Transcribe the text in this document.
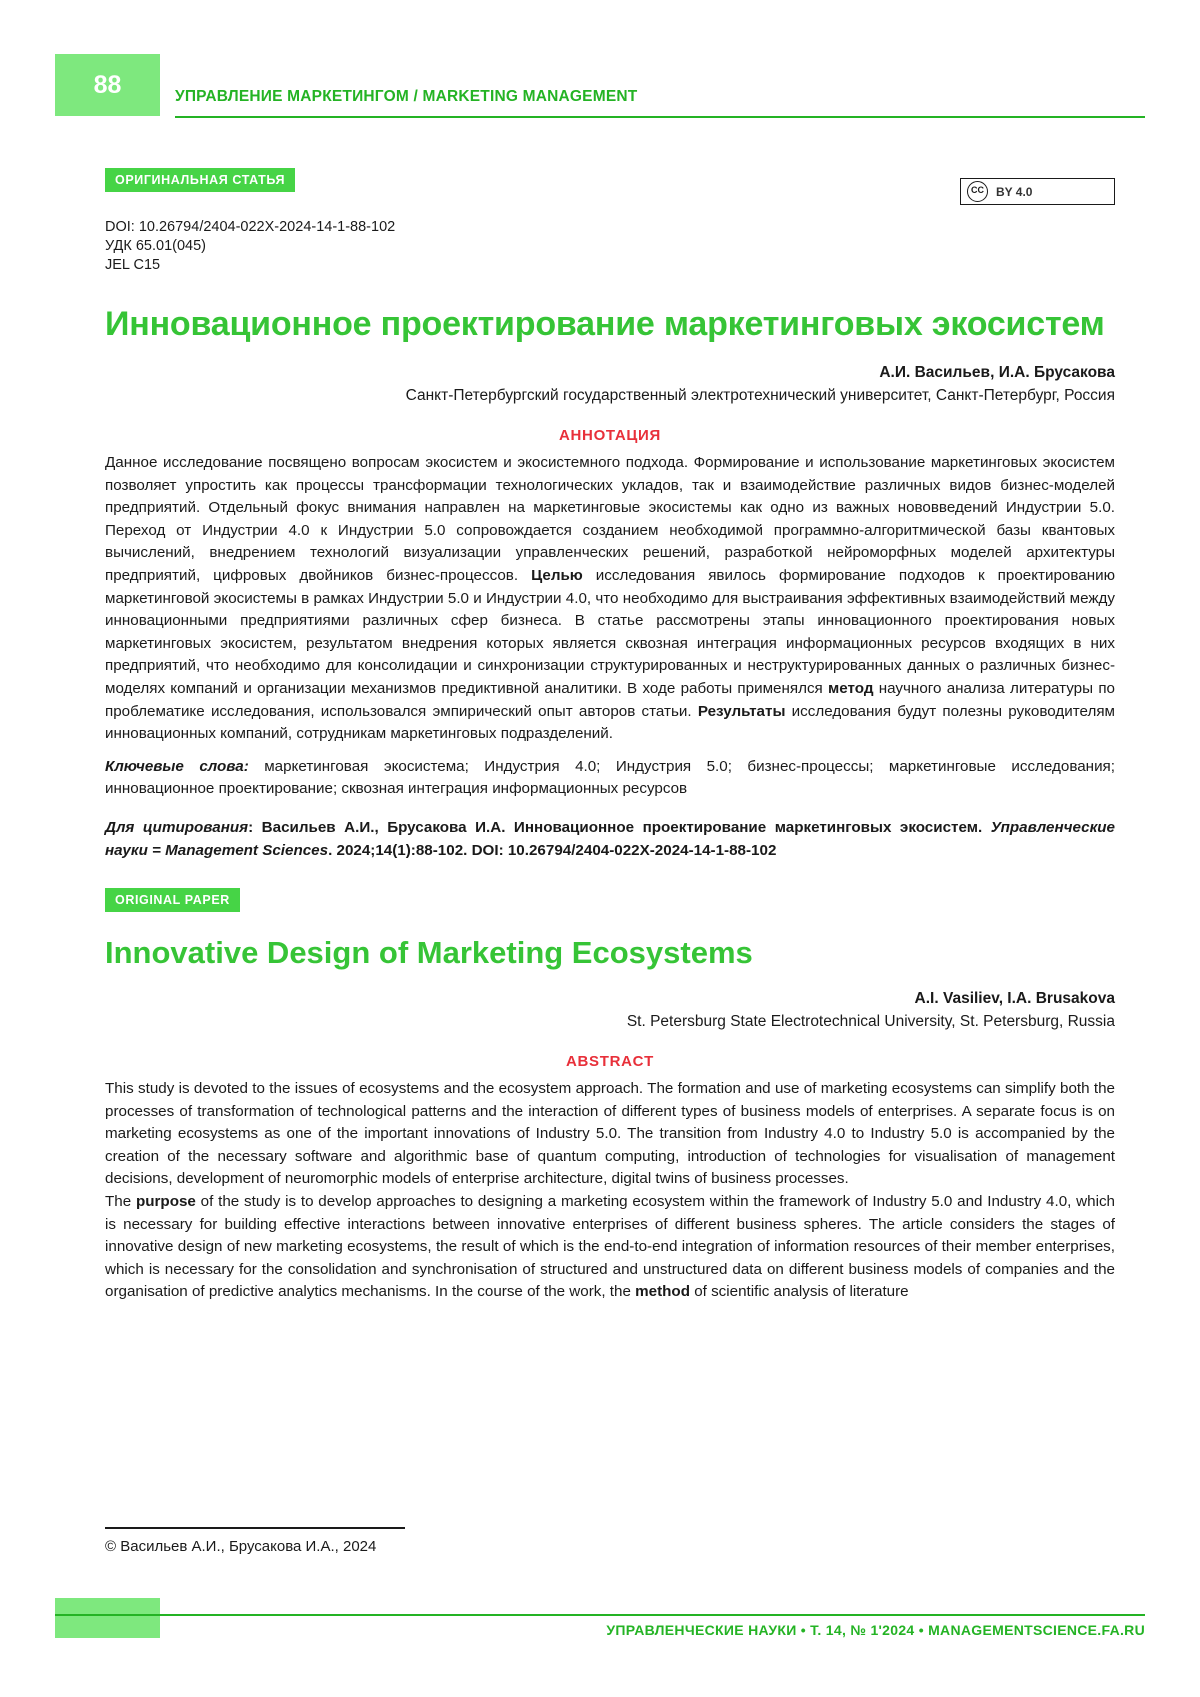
88	УПРАВЛЕНИЕ МАРКЕТИНГОМ / MARKETING MANAGEMENT
ОРИГИНАЛЬНАЯ СТАТЬЯ
CC	BY 4.0
DOI: 10.26794/2404-022X-2024-14-1-88-102
УДК 65.01(045)
JEL C15
Инновационное проектирование маркетинговых экосистем
А.И. Васильев, И.А. Брусакова
Санкт-Петербургский государственный электротехнический университет, Санкт-Петербург, Россия
АННОТАЦИЯ
Данное исследование посвящено вопросам экосистем и экосистемного подхода. Формирование и использование маркетинговых экосистем позволяет упростить как процессы трансформации технологических укладов, так и взаимодействие различных видов бизнес-моделей предприятий. Отдельный фокус внимания направлен на маркетинговые экосистемы как одно из важных нововведений Индустрии 5.0. Переход от Индустрии 4.0 к Индустрии 5.0 сопровождается созданием необходимой программно-алгоритмической базы квантовых вычислений, внедрением технологий визуализации управленческих решений, разработкой нейроморфных моделей архитектуры предприятий, цифровых двойников бизнес-процессов. Целью исследования явилось формирование подходов к проектированию маркетинговой экосистемы в рамках Индустрии 5.0 и Индустрии 4.0, что необходимо для выстраивания эффективных взаимодействий между инновационными предприятиями различных сфер бизнеса. В статье рассмотрены этапы инновационного проектирования новых маркетинговых экосистем, результатом внедрения которых является сквозная интеграция информационных ресурсов входящих в них предприятий, что необходимо для консолидации и синхронизации структурированных и неструктурированных данных о различных бизнес-моделях компаний и организации механизмов предиктивной аналитики. В ходе работы применялся метод научного анализа литературы по проблематике исследования, использовался эмпирический опыт авторов статьи. Результаты исследования будут полезны руководителям инновационных компаний, сотрудникам маркетинговых подразделений.
Ключевые слова: маркетинговая экосистема; Индустрия 4.0; Индустрия 5.0; бизнес-процессы; маркетинговые исследования; инновационное проектирование; сквозная интеграция информационных ресурсов
Для цитирования: Васильев А.И., Брусакова И.А. Инновационное проектирование маркетинговых экосистем. Управленческие науки = Management Sciences. 2024;14(1):88-102. DOI: 10.26794/2404-022X-2024-14-1-88-102
ORIGINAL PAPER
Innovative Design of Marketing Ecosystems
A.I. Vasiliev, I.A. Brusakova
St. Petersburg State Electrotechnical University, St. Petersburg, Russia
ABSTRACT

This study is devoted to the issues of ecosystems and the ecosystem approach. The formation and use of marketing ecosystems can simplify both the processes of transformation of technological patterns and the interaction of different types of business models of enterprises. A separate focus is on marketing ecosystems as one of the important innovations of Industry 5.0. The transition from Industry 4.0 to Industry 5.0 is accompanied by the creation of the necessary software and algorithmic base of quantum computing, introduction of technologies for visualisation of management decisions, development of neuromorphic models of enterprise architecture, digital twins of business processes.

The purpose of the study is to develop approaches to designing a marketing ecosystem within the framework of Industry 5.0 and Industry 4.0, which is necessary for building effective interactions between innovative enterprises of different business spheres. The article considers the stages of innovative design of new marketing ecosystems, the result of which is the end-to-end integration of information resources of their member enterprises, which is necessary for the consolidation and synchronisation of structured and unstructured data on different business models of companies and the organisation of predictive analytics mechanisms. In the course of the work, the method of scientific analysis of literature

© Васильев А.И., Брусакова И.А., 2024
УПРАВЛЕНЧЕСКИЕ НАУКИ • Т. 14, № 1'2024 • MANAGEMENTSCIENCE.FA.RU
